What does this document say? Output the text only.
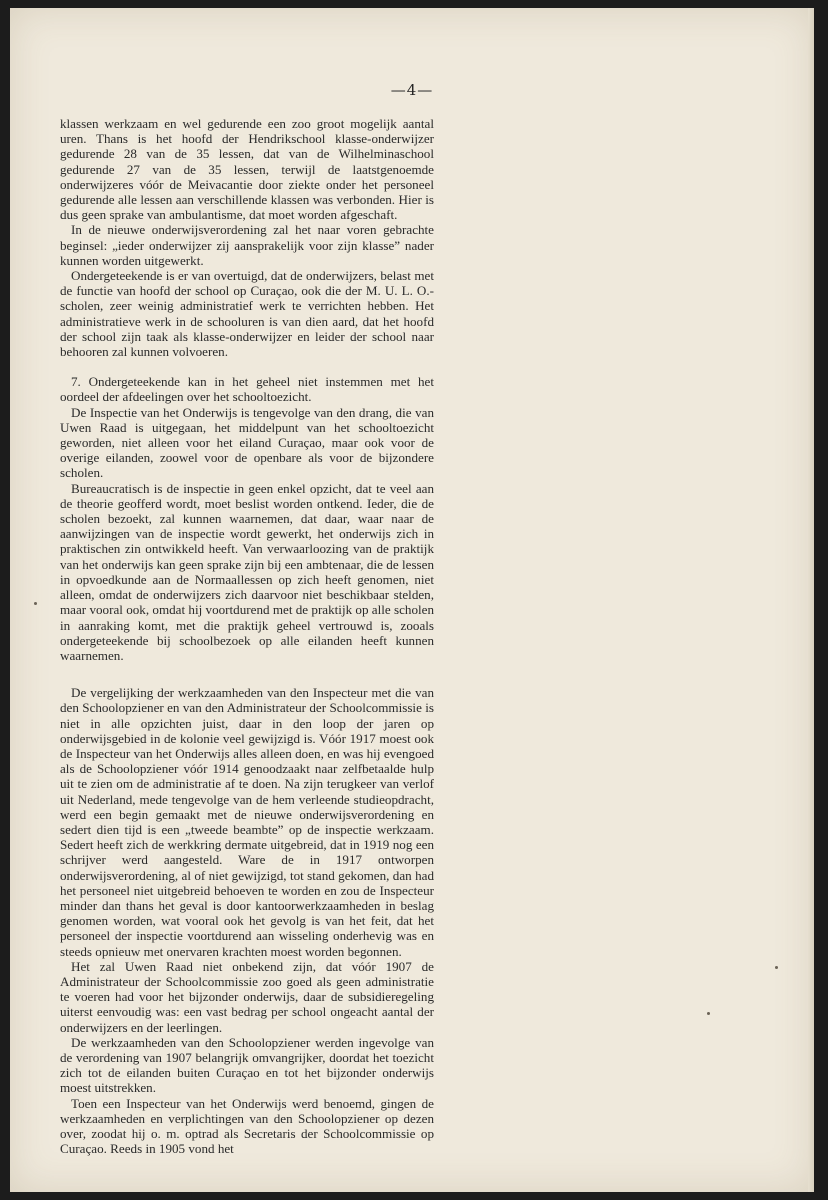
—4—

klassen werkzaam en wel gedurende een zoo groot mogelijk aantal uren. Thans is het hoofd der Hendrikschool klasse-onderwijzer gedurende 28 van de 35 lessen, dat van de Wilhelminaschool gedurende 27 van de 35 lessen, terwijl de laatstgenoemde onderwijzeres vóór de Meivacantie door ziekte onder het personeel gedurende alle lessen aan verschillende klassen was verbonden. Hier is dus geen sprake van ambulantisme, dat moet worden afgeschaft.

In de nieuwe onderwijsverordening zal het naar voren gebrachte beginsel: „ieder onderwijzer zij aansprakelijk voor zijn klasse” nader kunnen worden uitgewerkt.

Ondergeteekende is er van overtuigd, dat de onderwijzers, belast met de functie van hoofd der school op Curaçao, ook die der M. U. L. O.-scholen, zeer weinig administratief werk te verrichten hebben. Het administratieve werk in de schooluren is van dien aard, dat het hoofd der school zijn taak als klasse-onderwijzer en leider der school naar behooren zal kunnen volvoeren.

7. Ondergeteekende kan in het geheel niet instemmen met het oordeel der afdeelingen over het schooltoezicht.

De Inspectie van het Onderwijs is tengevolge van den drang, die van Uwen Raad is uitgegaan, het middelpunt van het schooltoezicht geworden, niet alleen voor het eiland Curaçao, maar ook voor de overige eilanden, zoowel voor de openbare als voor de bijzondere scholen.

Bureaucratisch is de inspectie in geen enkel opzicht, dat te veel aan de theorie geofferd wordt, moet beslist worden ontkend. Ieder, die de scholen bezoekt, zal kunnen waarnemen, dat daar, waar naar de aanwijzingen van de inspectie wordt gewerkt, het onderwijs zich in praktischen zin ontwikkeld heeft. Van verwaarloozing van de praktijk van het onderwijs kan geen sprake zijn bij een ambtenaar, die de lessen in opvoedkunde aan de Normaallessen op zich heeft genomen, niet alleen, omdat de onderwijzers zich daarvoor niet beschikbaar stelden, maar vooral ook, omdat hij voortdurend met de praktijk op alle scholen in aanraking komt, met die praktijk geheel vertrouwd is, zooals ondergeteekende bij schoolbezoek op alle eilanden heeft kunnen waarnemen.

De vergelijking der werkzaamheden van den Inspecteur met die van den Schoolopziener en van den Administrateur der Schoolcommissie is niet in alle opzichten juist, daar in den loop der jaren op onderwijsgebied in de kolonie veel gewijzigd is. Vóór 1917 moest ook de Inspecteur van het Onderwijs alles alleen doen, en was hij evengoed als de Schoolopziener vóór 1914 genoodzaakt naar zelfbetaalde hulp uit te zien om de administratie af te doen. Na zijn terugkeer van verlof uit Nederland, mede tengevolge van de hem verleende studieopdracht, werd een begin gemaakt met de nieuwe onderwijsverordening en sedert dien tijd is een „tweede beambte” op de inspectie werkzaam. Sedert heeft zich de werkkring dermate uitgebreid, dat in 1919 nog een schrijver werd aangesteld. Ware de in 1917 ontworpen onderwijsverordening, al of niet gewijzigd, tot stand gekomen, dan had het personeel niet uitgebreid behoeven te worden en zou de Inspecteur minder dan thans het geval is door kantoorwerkzaamheden in beslag genomen worden, wat vooral ook het gevolg is van het feit, dat het personeel der inspectie voortdurend aan wisseling onderhevig was en steeds opnieuw met onervaren krachten moest worden begonnen.

Het zal Uwen Raad niet onbekend zijn, dat vóór 1907 de Administrateur der Schoolcommissie zoo goed als geen administratie te voeren had voor het bijzonder onderwijs, daar de subsidieregeling uiterst eenvoudig was: een vast bedrag per school ongeacht aantal der onderwijzers en der leerlingen.

De werkzaamheden van den Schoolopziener werden ingevolge van de verordening van 1907 belangrijk omvangrijker, doordat het toezicht zich tot de eilanden buiten Curaçao en tot het bijzonder onderwijs moest uitstrekken.

Toen een Inspecteur van het Onderwijs werd benoemd, gingen de werkzaamheden en verplichtingen van den Schoolopziener op dezen over, zoodat hij o. m. optrad als Secretaris der Schoolcommissie op Curaçao. Reeds in 1905 vond het
